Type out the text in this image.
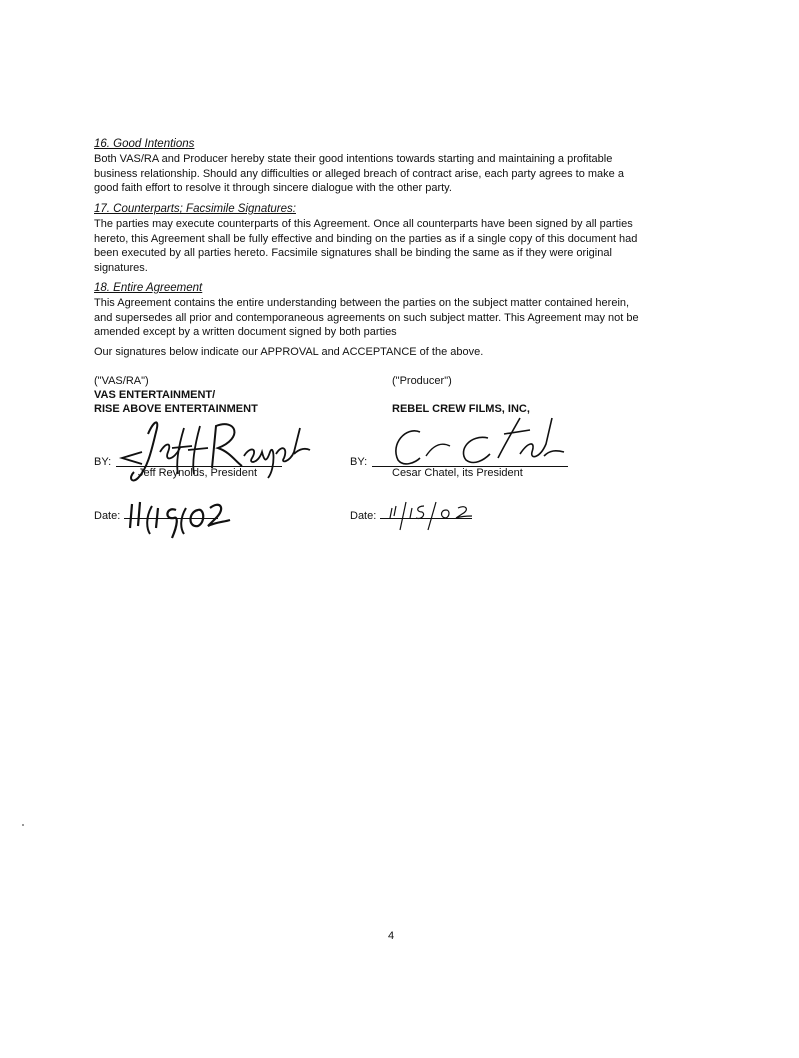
16. Good Intentions

Both VAS/RA and Producer hereby state their good intentions towards starting and maintaining a profitable
business relationship. Should any difficulties or alleged breach of contract arise, each party agrees to make a
good faith effort to resolve it through sincere dialogue with the other party.

17. Counterparts; Facsimile Signatures:

The parties may execute counterparts of this Agreement. Once all counterparts have been signed by all parties
hereto, this Agreement shall be fully effective and binding on the parties as if a single copy of this document had
been executed by all parties hereto. Facsimile signatures shall be binding the same as if they were original
signatures.

18. Entire Agreement

This Agreement contains the entire understanding between the parties on the subject matter contained herein,
and supersedes all prior and contemporaneous agreements on such subject matter. This Agreement may not be
amended except by a written document signed by both parties

Our signatures below indicate our APPROVAL and ACCEPTANCE of the above.
("VAS/RA")
VAS ENTERTAINMENT/
RISE ABOVE ENTERTAINMENT
("Producer")
REBEL CREW FILMS, INC,
BY:
Jeff Reynolds, President
BY:
Cesar Chatel, its President
Date:	Date:
4
